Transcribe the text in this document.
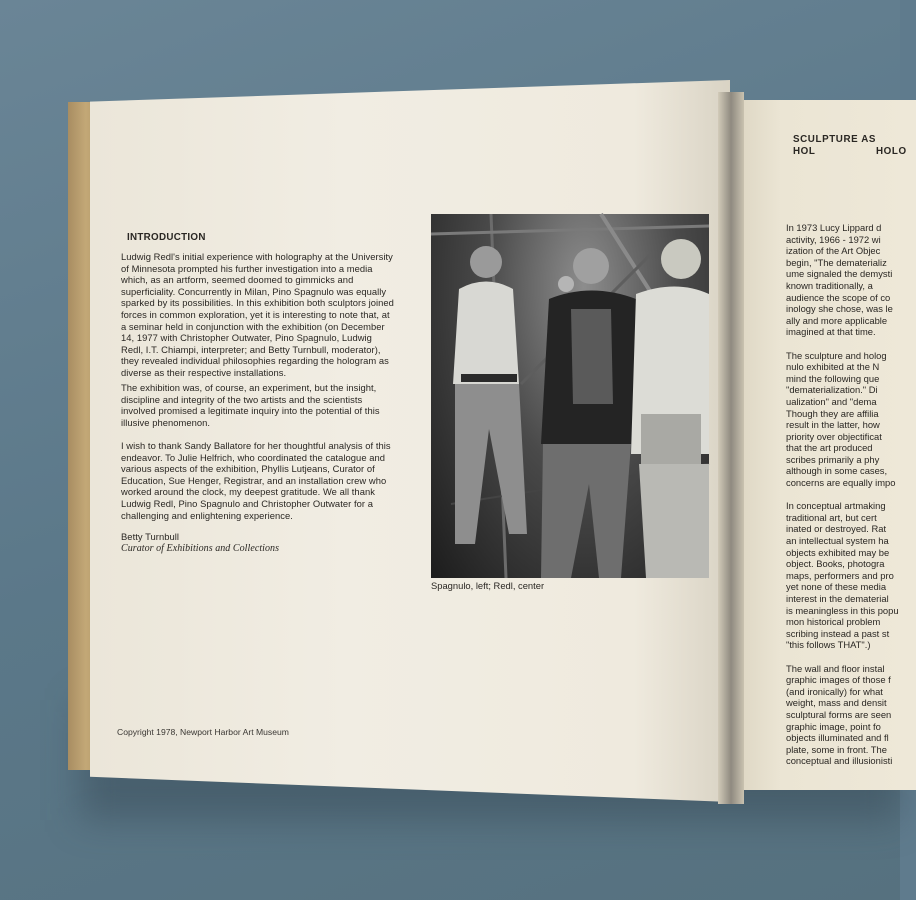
INTRODUCTION
Ludwig Redl's initial experience with holography at the University of Minnesota prompted his further investigation into a media which, as an artform, seemed doomed to gimmicks and superficiality. Concurrently in Milan, Pino Spagnulo was equally sparked by its possibilities. In this exhibition both sculptors joined forces in common exploration, yet it is interesting to note that, at a seminar held in conjunction with the exhibition (on December 14, 1977 with Christopher Outwater, Pino Spagnulo, Ludwig Redl, I.T. Chiampi, interpreter; and Betty Turnbull, moderator), they revealed individual philosophies regarding the hologram as diverse as their respective installations.
The exhibition was, of course, an experiment, but the insight, discipline and integrity of the two artists and the scientists involved promised a legitimate inquiry into the potential of this illusive phenomenon.
I wish to thank Sandy Ballatore for her thoughtful analysis of this endeavor. To Julie Helfrich, who coordinated the catalogue and various aspects of the exhibition, Phyllis Lutjeans, Curator of Education, Sue Henger, Registrar, and an installation crew who worked around the clock, my deepest gratitude. We all thank Ludwig Redl, Pino Spagnulo and Christopher Outwater for a challenging and enlightening experience.
Betty Turnbull
Curator of Exhibitions and Collections
Spagnulo, left; Redl, center
Copyright 1978, Newport Harbor Art Museum
SCULPTURE AS HOL	HOLO
In 1973 Lucy Lippard d
activity, 1966 - 1972 wi
ization of the Art Objec
begin, "The dematerializ
ume signaled the demysti
known traditionally, a
audience the scope of co
inology she chose, was le
ally and more applicable
imagined at that time.

The sculpture and holog
nulo exhibited at the N
mind the following que
"dematerialization." Di
ualization" and "dema
Though they are affilia
result in the latter, how
priority over objectificat
that the art produced
scribes primarily a phy
although in some cases,
concerns are equally impo

In conceptual artmaking
traditional art, but cert
inated or destroyed. Rat
an intellectual system ha
objects exhibited may be
object. Books, photogra
maps, performers and pro
yet none of these media
interest in the dematerial
is meaningless in this popu
mon historical problem
scribing instead a past st
"this follows THAT".)

The wall and floor instal
graphic images of those f
(and ironically) for what
weight, mass and densit
sculptural forms are seen
graphic image, point fo
objects illuminated and fl
plate, some in front. The
conceptual and illusionisti
